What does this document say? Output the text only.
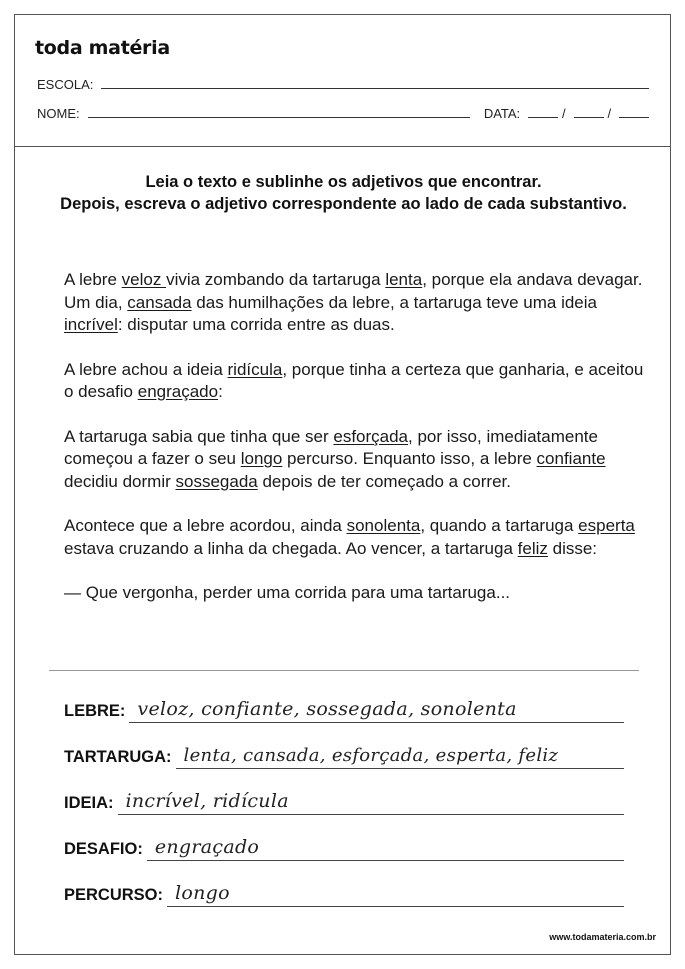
toda matéria
ESCOLA:
NOME:	DATA:	/	/
Leia o texto e sublinhe os adjetivos que encontrar.
Depois, escreva o adjetivo correspondente ao lado de cada substantivo.

A lebre veloz vivia zombando da tartaruga lenta, porque ela andava devagar. Um dia, cansada das humilhações da lebre, a tartaruga teve uma ideia incrível: disputar uma corrida entre as duas.

A lebre achou a ideia ridícula, porque tinha a certeza que ganharia, e aceitou o desafio engraçado:

A tartaruga sabia que tinha que ser esforçada, por isso, imediatamente começou a fazer o seu longo percurso. Enquanto isso, a lebre confiante decidiu dormir sossegada depois de ter começado a correr.

Acontece que a lebre acordou, ainda sonolenta, quando a tartaruga esperta estava cruzando a linha da chegada. Ao vencer, a tartaruga feliz disse:

— Que vergonha, perder uma corrida para uma tartaruga...

LEBRE: veloz, confiante, sossegada, sonolenta
TARTARUGA: lenta, cansada, esforçada, esperta, feliz
IDEIA: incrível, ridícula
DESAFIO: engraçado
PERCURSO: longo
www.todamateria.com.br
